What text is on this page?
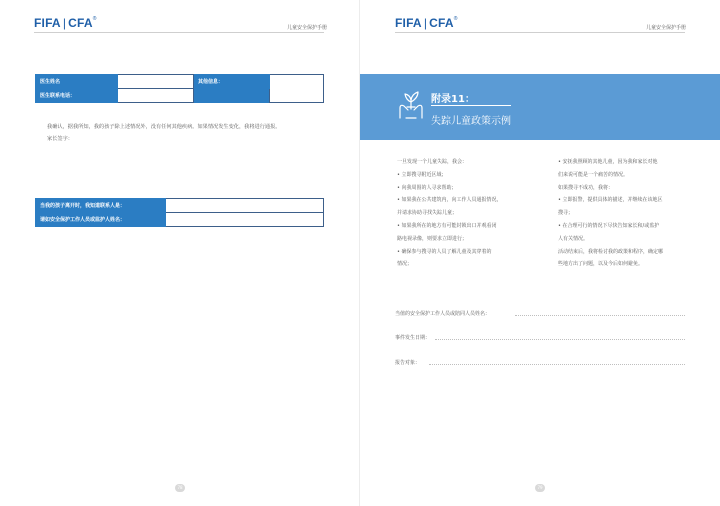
FIFA | CFA®
儿童安全保护手册
医生姓名		其他信息：	
医生联系电话：			
我确认，据我所知，我的孩子除上述情况外，没有任何其他疾病。如果情况发生变化，我将进行通报。
家长签字：
当我的孩子离开时，我知道联系人是：	
请如安全保护工作人员或监护人姓名：	
78
FIFA | CFA®
儿童安全保护手册
附录11：
失踪儿童政策示例
一旦发现一个儿童失踪，我会：
• 立即搜寻附近区域；
• 向我周围的人寻求帮助；
• 如果我在公共建筑内，向工作人员通报情况，
并请求协助寻找失踪儿童；
• 如果我所在的地方有可能封锁出口并观看闭
路电视录像，则要求立即进行；
• 确保参与搜寻的人员了解儿童及其穿着的
情况；
• 安抚我照顾的其他儿童，因为我和家长对他
们来说可能是一个痛苦的情况。
如果搜寻不成功，我将：
• 立即报警，提供具体的描述，并继续在该地区
搜寻；
• 在合理可行的情况下尽快告知家长和/或监护
人有关情况。
活动结束后，我将检讨我的政策和程序，确定哪
些地方出了问题，以及今后如何避免。
当值的安全保护工作人员或陪同人员姓名：
事件发生日期：
报告对象：
79
